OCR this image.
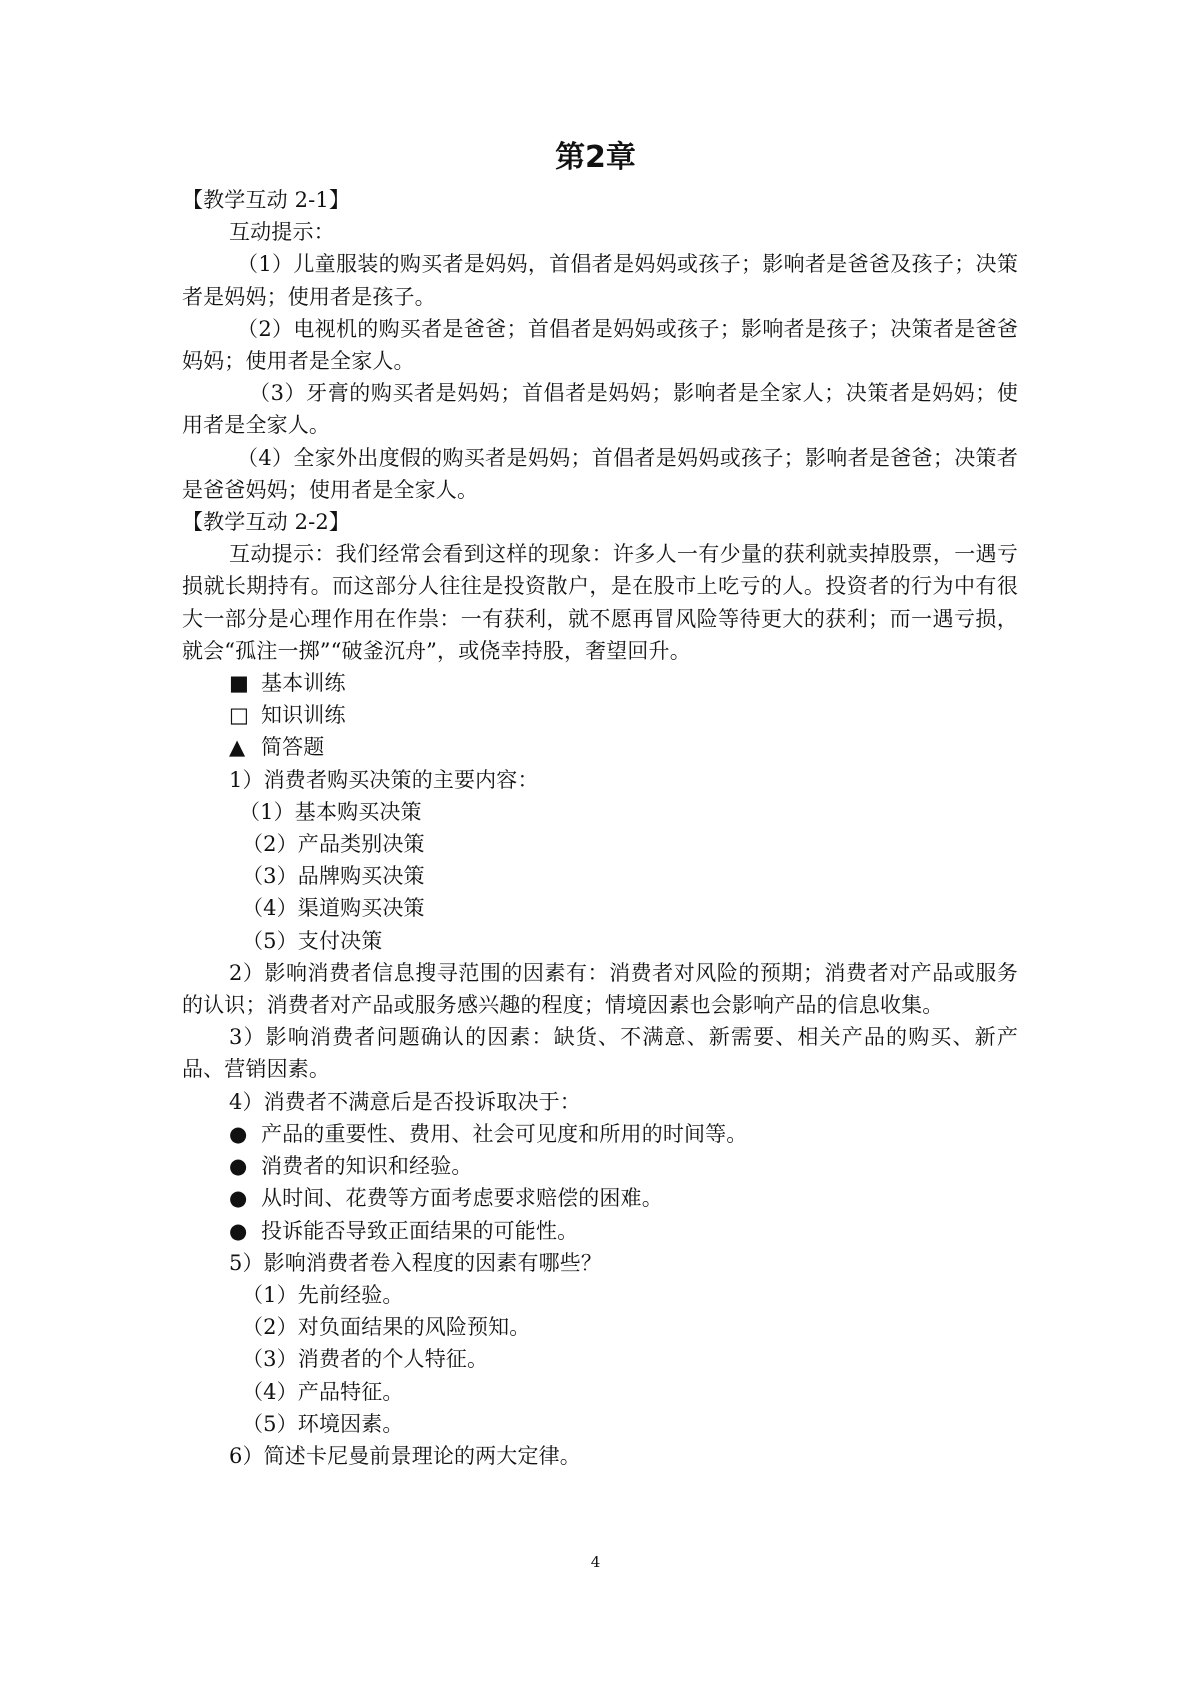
第2章

【教学互动 2-1】

互动提示：

（1）儿童服装的购买者是妈妈，首倡者是妈妈或孩子；影响者是爸爸及孩子；决策者是妈妈；使用者是孩子。

（2）电视机的购买者是爸爸；首倡者是妈妈或孩子；影响者是孩子；决策者是爸爸妈妈；使用者是全家人。

（3）牙膏的购买者是妈妈；首倡者是妈妈；影响者是全家人；决策者是妈妈；使用者是全家人。

（4）全家外出度假的购买者是妈妈；首倡者是妈妈或孩子；影响者是爸爸；决策者是爸爸妈妈；使用者是全家人。

【教学互动 2-2】

互动提示：我们经常会看到这样的现象：许多人一有少量的获利就卖掉股票，一遇亏损就长期持有。而这部分人往往是投资散户，是在股市上吃亏的人。投资者的行为中有很大一部分是心理作用在作祟：一有获利，就不愿再冒风险等待更大的获利；而一遇亏损，就会“孤注一掷”“破釜沉舟”，或侥幸持股，奢望回升。

■ 基本训练

□ 知识训练

▲ 简答题

1）消费者购买决策的主要内容：

（1）基本购买决策

（2）产品类别决策

（3）品牌购买决策

（4）渠道购买决策

（5）支付决策

2）影响消费者信息搜寻范围的因素有：消费者对风险的预期；消费者对产品或服务的认识；消费者对产品或服务感兴趣的程度；情境因素也会影响产品的信息收集。

3）影响消费者问题确认的因素：缺货、不满意、新需要、相关产品的购买、新产品、营销因素。

4）消费者不满意后是否投诉取决于：

● 产品的重要性、费用、社会可见度和所用的时间等。

● 消费者的知识和经验。

● 从时间、花费等方面考虑要求赔偿的困难。

● 投诉能否导致正面结果的可能性。

5）影响消费者卷入程度的因素有哪些？

（1）先前经验。

（2）对负面结果的风险预知。

（3）消费者的个人特征。

（4）产品特征。

（5）环境因素。

6）简述卡尼曼前景理论的两大定律。

4
